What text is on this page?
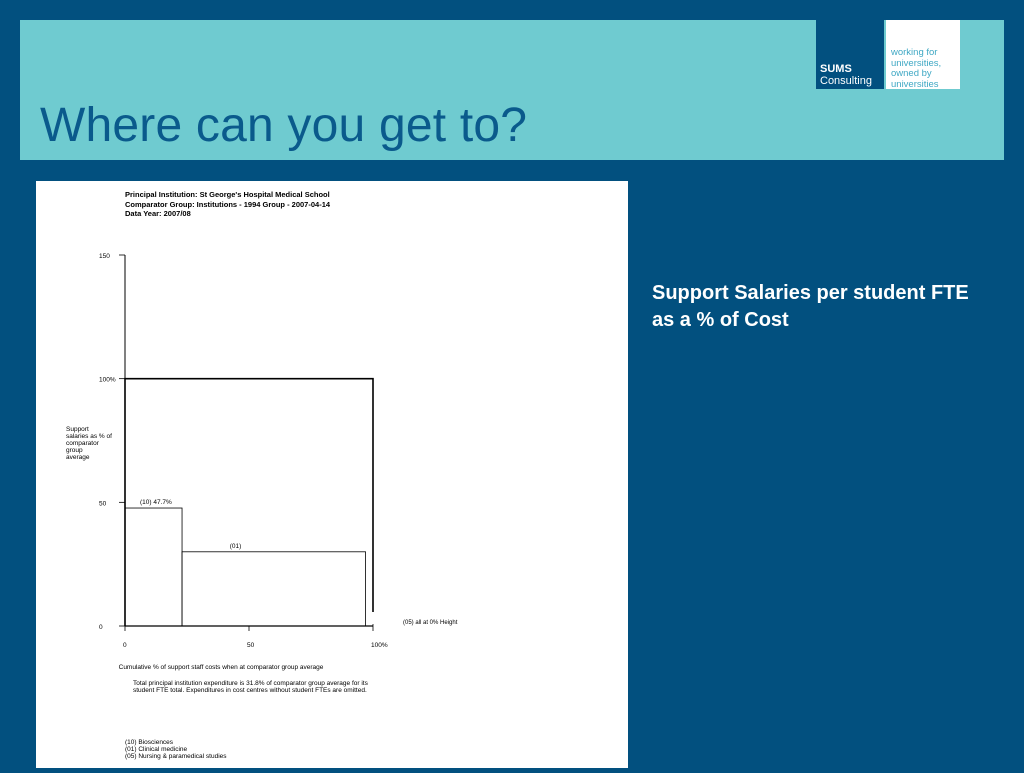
Where can you get to?
SUMS
Consulting
working for
universities,
owned by
universities
Principal Institution: St George's Hospital Medical School
Comparator Group: Institutions - 1994 Group - 2007-04-14
Data Year: 2007/08
Support
salaries as % of
comparator
group
average
Cumulative % of support staff costs when at comparator group average
Total principal institution expenditure is 31.8% of comparator group average for its
student FTE total. Expenditures in cost centres without student FTEs are omitted.
(10) Biosciences
(01) Clinical medicine
(05) Nursing & paramedical studies
0
50
100%
150
0	50	100%
(10) 47.7%
(01)
(05) all at 0% Height
Support Salaries per student FTE as a % of Cost
